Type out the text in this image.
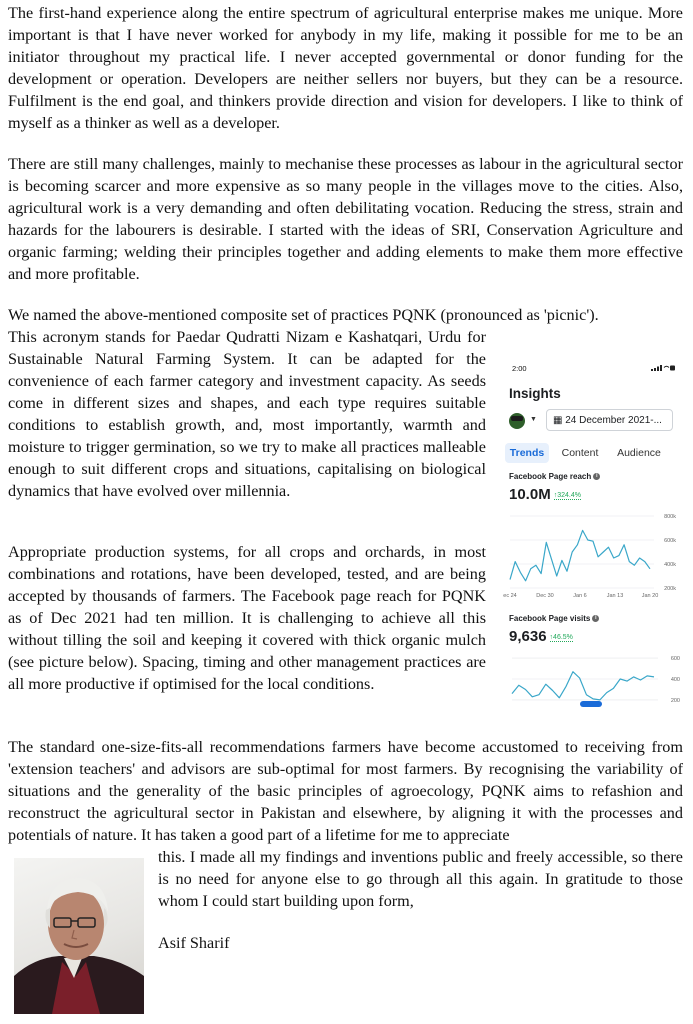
The first-hand experience along the entire spectrum of agricultural enterprise makes me unique. More important is that I have never worked for anybody in my life, making it possible for me to be an initiator throughout my practical life. I never accepted governmental or donor funding for the development or operation. Developers are neither sellers nor buyers, but they can be a resource. Fulfilment is the end goal, and thinkers provide direction and vision for developers. I like to think of myself as a thinker as well as a developer.

There are still many challenges, mainly to mechanise these processes as labour in the agricultural sector is becoming scarcer and more expensive as so many people in the villages move to the cities. Also, agricultural work is a very demanding and often debilitating vocation. Reducing the stress, strain and hazards for the labourers is desirable. I started with the ideas of SRI, Conservation Agriculture and organic farming; welding their principles together and adding elements to make them more effective and more profitable.

We named the above-mentioned composite set of practices PQNK (pronounced as 'picnic').

This acronym stands for Paedar Qudratti Nizam e Kashatqari, Urdu for Sustainable Natural Farming System. It can be adapted for the convenience of each farmer category and investment capacity. As seeds come in different sizes and shapes, and each type requires suitable conditions to establish growth, and, most importantly, warmth and moisture to trigger germination, so we try to make all practices malleable enough to suit different crops and situations, capitalising on biological dynamics that have evolved over millennia.

Appropriate production systems, for all crops and orchards, in most combinations and rotations, have been developed, tested, and are being accepted by thousands of farmers. The Facebook page reach for PQNK as of Dec 2021 had ten million. It is challenging to achieve all this without tilling the soil and keeping it covered with thick organic mulch (see picture below). Spacing, timing and other management practices are all more productive if optimised for the local conditions.

The standard one-size-fits-all recommendations farmers have become accustomed to receiving from 'extension teachers' and advisors are sub-optimal for most farmers. By recognising the variability of situations and the generality of the basic principles of agroecology, PQNK aims to refashion and reconstruct the agricultural sector in Pakistan and elsewhere, by aligning it with the processes and potentials of nature. It has taken a good part of a lifetime for me to appreciate

this. I made all my findings and inventions public and freely accessible, so there is no need for anyone else to go through all this again. In gratitude to those whom I could start building upon form,

Asif Sharif

2:00
Insights
▼	▦ 24 December 2021-...
Trends	Content	Audience
Facebook Page reach i
10.0M ↑324.4%
800k
600k
400k
200k
ec 24	Dec 30	Jan 6	Jan 13	Jan 20
Facebook Page visits i
9,636 ↑46.5%
600
400
200
